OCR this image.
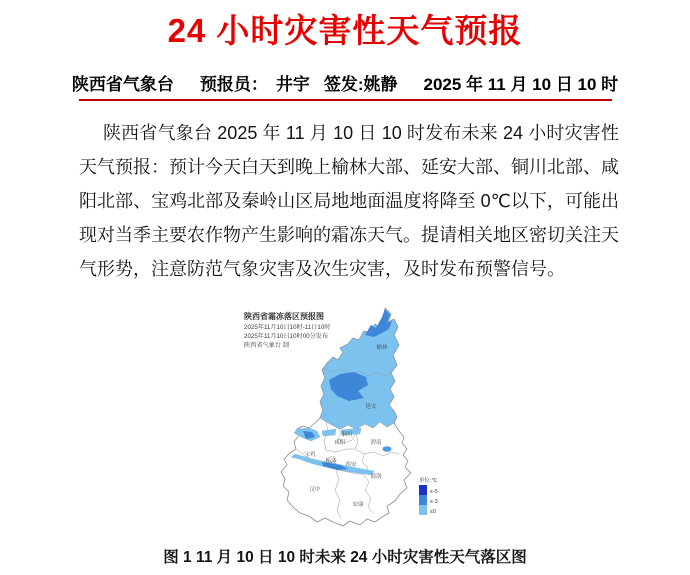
24 小时灾害性天气预报
陕西省气象台 预报员： 井宇 签发:姚静 2025 年 11 月 10 日 10 时
陕西省气象台 2025 年 11 月 10 日 10 时发布未来 24 小时灾害性天气预报：预计今天白天到晚上榆林大部、延安大部、铜川北部、咸阳北部、宝鸡北部及秦岭山区局地地面温度将降至 0℃以下，可能出现对当季主要农作物产生影响的霜冻天气。提请相关地区密切关注天气形势，注意防范气象灾害及次生灾害，及时发布预警信号。
陕西省霜冻落区预报图
2025年11月10日10时-11日10时
2025年11月10日10时00分发布
陕西省气象台 制	榆林
延安
铜川
渭南
咸阳
宝鸡
杨凌 西安
商洛
汉中
安康
单位:℃
≤-5
≤-3
≤0
图 1 11 月 10 日 10 时未来 24 小时灾害性天气落区图
